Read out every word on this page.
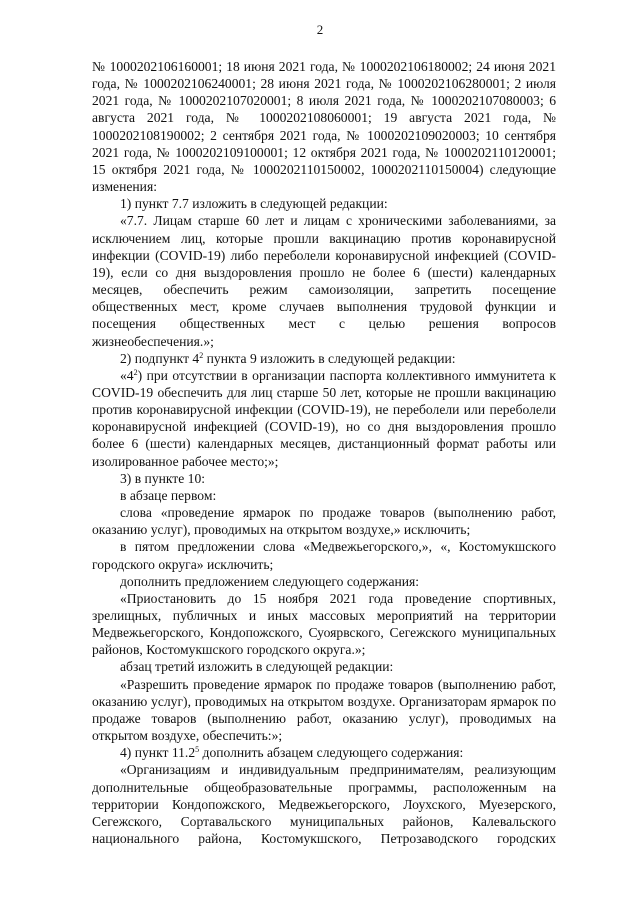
2

№ 1000202106160001; 18 июня 2021 года, № 1000202106180002; 24 июня 2021 года, № 1000202106240001; 28 июня 2021 года, № 1000202106280001; 2 июля 2021 года, № 1000202107020001; 8 июля 2021 года, № 1000202107080003; 6 августа 2021 года, № 1000202108060001; 19 августа 2021 года, № 1000202108190002; 2 сентября 2021 года, № 1000202109020003; 10 сентября 2021 года, № 1000202109100001; 12 октября 2021 года, № 1000202110120001; 15 октября 2021 года, № 1000202110150002, 1000202110150004) следующие изменения:

1) пункт 7.7 изложить в следующей редакции:

«7.7. Лицам старше 60 лет и лицам с хроническими заболеваниями, за исключением лиц, которые прошли вакцинацию против коронавирусной инфекции (COVID-19) либо переболели коронавирусной инфекцией (COVID-19), если со дня выздоровления прошло не более 6 (шести) календарных месяцев, обеспечить режим самоизоляции, запретить посещение общественных мест, кроме случаев выполнения трудовой функции и посещения общественных мест с целью решения вопросов жизнеобеспечения.»;

2) подпункт $4^2$ пункта 9 изложить в следующей редакции:

«$4^2$) при отсутствии в организации паспорта коллективного иммунитета к COVID-19 обеспечить для лиц старше 50 лет, которые не прошли вакцинацию против коронавирусной инфекции (COVID-19), не переболели или переболели коронавирусной инфекцией (COVID-19), но со дня выздоровления прошло более 6 (шести) календарных месяцев, дистанционный формат работы или изолированное рабочее место;»;

3) в пункте 10:

в абзаце первом:

слова «проведение ярмарок по продаже товаров (выполнению работ, оказанию услуг), проводимых на открытом воздухе,» исключить;

в пятом предложении слова «Медвежьегорского,», «, Костомукшского городского округа» исключить;

дополнить предложением следующего содержания:

«Приостановить до 15 ноября 2021 года проведение спортивных, зрелищных, публичных и иных массовых мероприятий на территории Медвежьегорского, Кондопожского, Суоярвского, Сегежского муниципальных районов, Костомукшского городского округа.»;

абзац третий изложить в следующей редакции:

«Разрешить проведение ярмарок по продаже товаров (выполнению работ, оказанию услуг), проводимых на открытом воздухе. Организаторам ярмарок по продаже товаров (выполнению работ, оказанию услуг), проводимых на открытом воздухе, обеспечить:»;

4) пункт 11.2$^5$ дополнить абзацем следующего содержания:

«Организациям и индивидуальным предпринимателям, реализующим дополнительные общеобразовательные программы, расположенным на территории Кондопожского, Медвежьегорского, Лоухского, Муезерского, Сегежского, Сортавальского муниципальных районов, Калевальского национального района, Костомукшского, Петрозаводского городских
